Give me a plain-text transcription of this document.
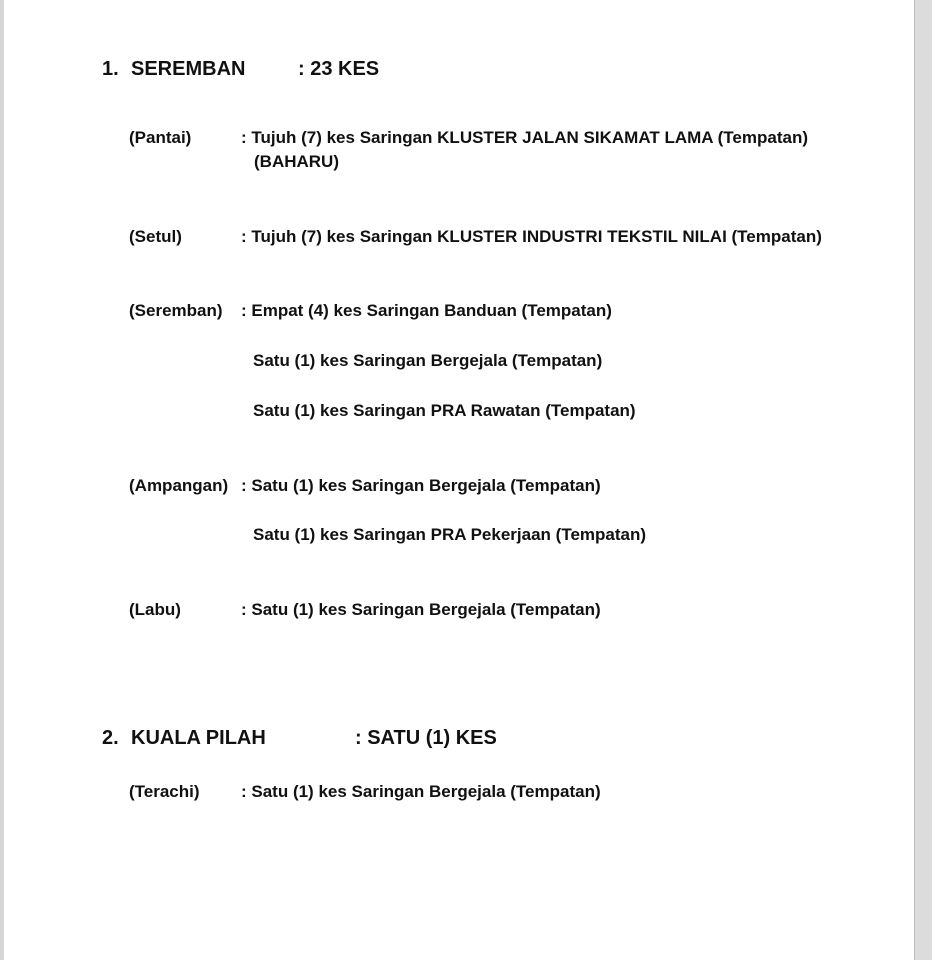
1. SEREMBAN	: 23 KES
(Pantai)	: Tujuh (7) kes Saringan KLUSTER JALAN SIKAMAT LAMA (Tempatan)
(BAHARU)
(Setul)	: Tujuh (7) kes Saringan KLUSTER INDUSTRI TEKSTIL NILAI (Tempatan)
(Seremban) : Empat (4) kes Saringan Banduan (Tempatan)
Satu (1) kes Saringan Bergejala (Tempatan)
Satu (1) kes Saringan PRA Rawatan (Tempatan)
(Ampangan) : Satu (1) kes Saringan Bergejala (Tempatan)
Satu (1) kes Saringan PRA Pekerjaan (Tempatan)
(Labu)	: Satu (1) kes Saringan Bergejala (Tempatan)
2. KUALA PILAH	: SATU (1) KES
(Terachi) : Satu (1) kes Saringan Bergejala (Tempatan)
